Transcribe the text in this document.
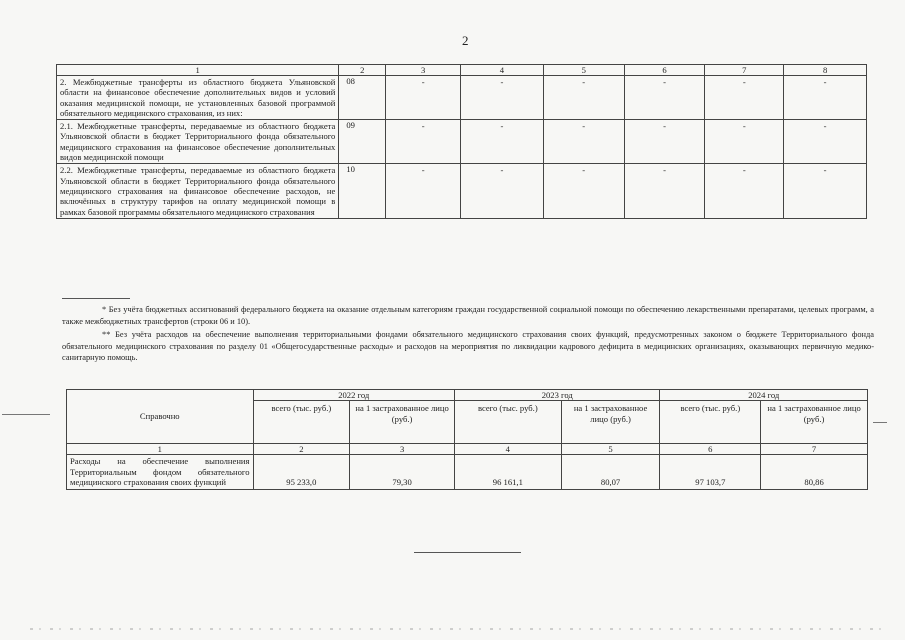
2
1	2	3	4	5	6	7	8
2. Межбюджетные трансферты из областного бюджета Ульяновской области на финансовое обеспечение дополнительных видов и условий оказания медицинской помощи, не установленных базовой программой обязательного медицинского страхования, из них:	08	-	-	-	-	-	-
2.1. Межбюджетные трансферты, передаваемые из областного бюджета Ульяновской области в бюджет Территориального фонда обязательного медицинского страхования на финансовое обеспечение дополнительных видов медицинской помощи	09	-	-	-	-	-	-
2.2. Межбюджетные трансферты, передаваемые из областного бюджета Ульяновской области в бюджет Территориального фонда обязательного медицинского страхования на финансовое обеспечение расходов, не включённых в структуру тарифов на оплату медицинской помощи в рамках базовой программы обязательного медицинского страхования	10	-	-	-	-	-	-
* Без учёта бюджетных ассигнований федерального бюджета на оказание отдельным категориям граждан государственной социальной помощи по обеспечению лекарственными препаратами, целевых программ, а также межбюджетных трансфертов (строки 06 и 10).
** Без учёта расходов на обеспечение выполнения территориальными фондами обязательного медицинского страхования своих функций, предусмотренных законом о бюджете Территориального фонда обязательного медицинского страхования по разделу 01 «Общегосударственные расходы» и расходов на мероприятия по ликвидации кадрового дефицита в медицинских организациях, оказывающих первичную медико-санитарную помощь.
Справочно	2022 год		2023 год		2024 год	
	всего (тыс. руб.)	на 1 застрахованное лицо (руб.)	всего (тыс. руб.)	на 1 застрахованное лицо (руб.)	всего (тыс. руб.)	на 1 застрахованное лицо (руб.)
1	2	3	4	5	6	7
Расходы на обеспечение выполнения Территориальным фондом обязательного медицинского страхования своих функций	95 233,0	79,30	96 161,1	80,07	97 103,7	80,86
